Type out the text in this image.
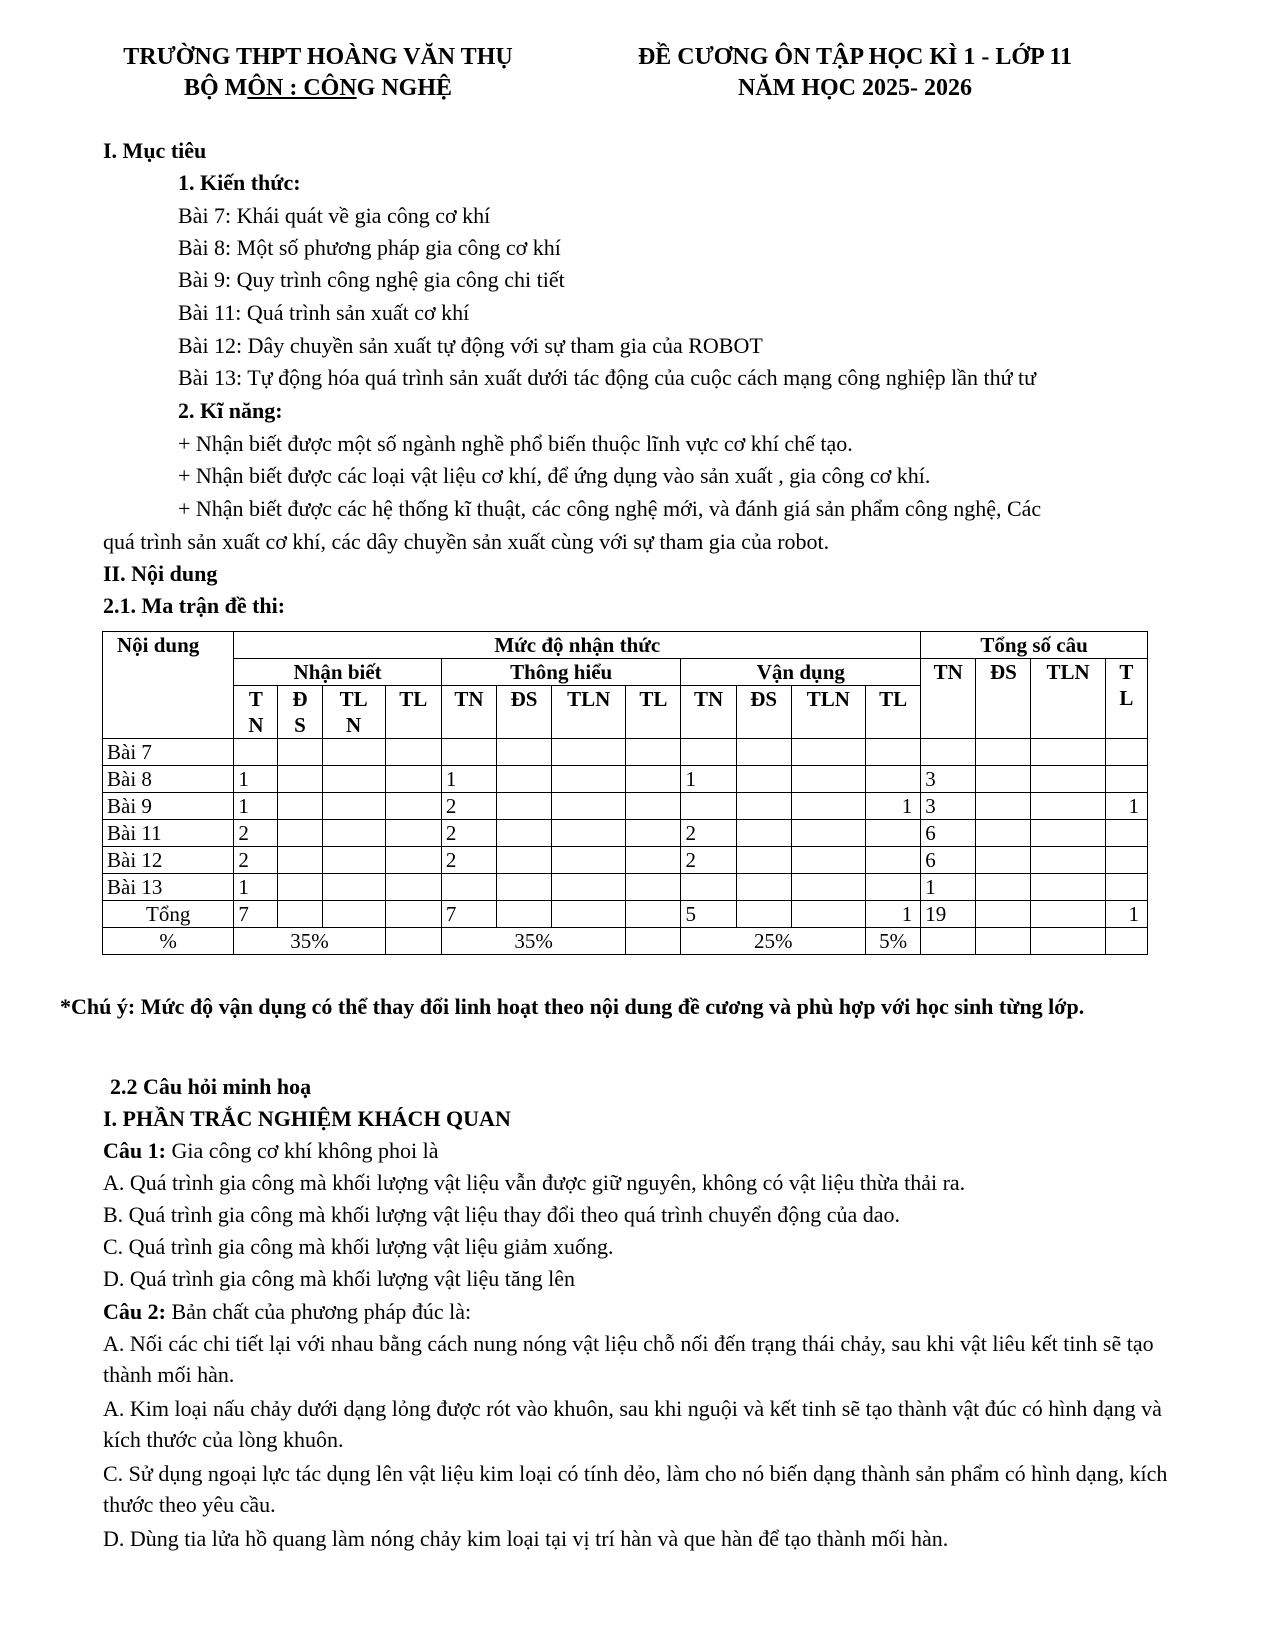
TRƯỜNG THPT HOÀNG VĂN THỤ
BỘ MÔN : CÔNG NGHỆ
ĐỀ CƯƠNG ÔN TẬP HỌC KÌ 1 - LỚP 11
NĂM HỌC 2025- 2026
I. Mục tiêu
1. Kiến thức:
Bài 7: Khái quát về gia công cơ khí
Bài 8: Một số phương pháp gia công cơ khí
Bài 9: Quy trình công nghệ gia công chi tiết
Bài 11: Quá trình sản xuất cơ khí
Bài 12: Dây chuyền sản xuất tự động với sự tham gia của ROBOT
Bài 13: Tự động hóa quá trình sản xuất dưới tác động của cuộc cách mạng công nghiệp lần thứ tư
2. Kĩ năng:
+ Nhận biết được một số ngành nghề phổ biến thuộc lĩnh vực cơ khí chế tạo.
+ Nhận biết được các loại vật liệu cơ khí, để ứng dụng vào sản xuất , gia công cơ khí.
+ Nhận biết được các hệ thống kĩ thuật, các công nghệ mới, và đánh giá sản phẩm công nghệ, Các
quá trình sản xuất cơ khí, các dây chuyền sản xuất cùng với sự tham gia của robot.
II. Nội dung
2.1. Ma trận đề thi:
Nội dung	Mức độ nhận thức												Tổng số câu			
	Nhận biết				Thông hiểu				Vận dụng				TN	ĐS	TLN	T
L
	T
N	Đ
S	TL
N	TL	TN	ĐS	TLN	TL	TN	ĐS	TLN	TL				
Bài 7																
Bài 8	1				1				1				3			
Bài 9	1				2							1	3			1
Bài 11	2				2				2				6			
Bài 12	2				2				2				6			
Bài 13	1												1			
Tổng	7				7				5			1	19			1
%	35%				35%				25%			5%				
*Chú ý: Mức độ vận dụng có thể thay đổi linh hoạt theo nội dung đề cương và phù hợp với học sinh từng lớp.
2.2 Câu hỏi minh hoạ
I. PHẦN TRẮC NGHIỆM KHÁCH QUAN
Câu 1: Gia công cơ khí không phoi là
A. Quá trình gia công mà khối lượng vật liệu vẫn được giữ nguyên, không có vật liệu thừa thải ra.
B. Quá trình gia công mà khối lượng vật liệu thay đổi theo quá trình chuyển động của dao.
C. Quá trình gia công mà khối lượng vật liệu giảm xuống.
D. Quá trình gia công mà khối lượng vật liệu tăng lên
Câu 2: Bản chất của phương pháp đúc là:
A. Nối các chi tiết lại với nhau bằng cách nung nóng vật liệu chỗ nối đến trạng thái chảy, sau khi vật liêu kết tinh sẽ tạo thành mối hàn.
A. Kim loại nấu chảy dưới dạng lỏng được rót vào khuôn, sau khi nguội và kết tinh sẽ tạo thành vật đúc có hình dạng và kích thước của lòng khuôn.
C. Sử dụng ngoại lực tác dụng lên vật liệu kim loại có tính dẻo, làm cho nó biến dạng thành sản phẩm có hình dạng, kích thước theo yêu cầu.
D. Dùng tia lửa hồ quang làm nóng chảy kim loại tại vị trí hàn và que hàn để tạo thành mối hàn.
